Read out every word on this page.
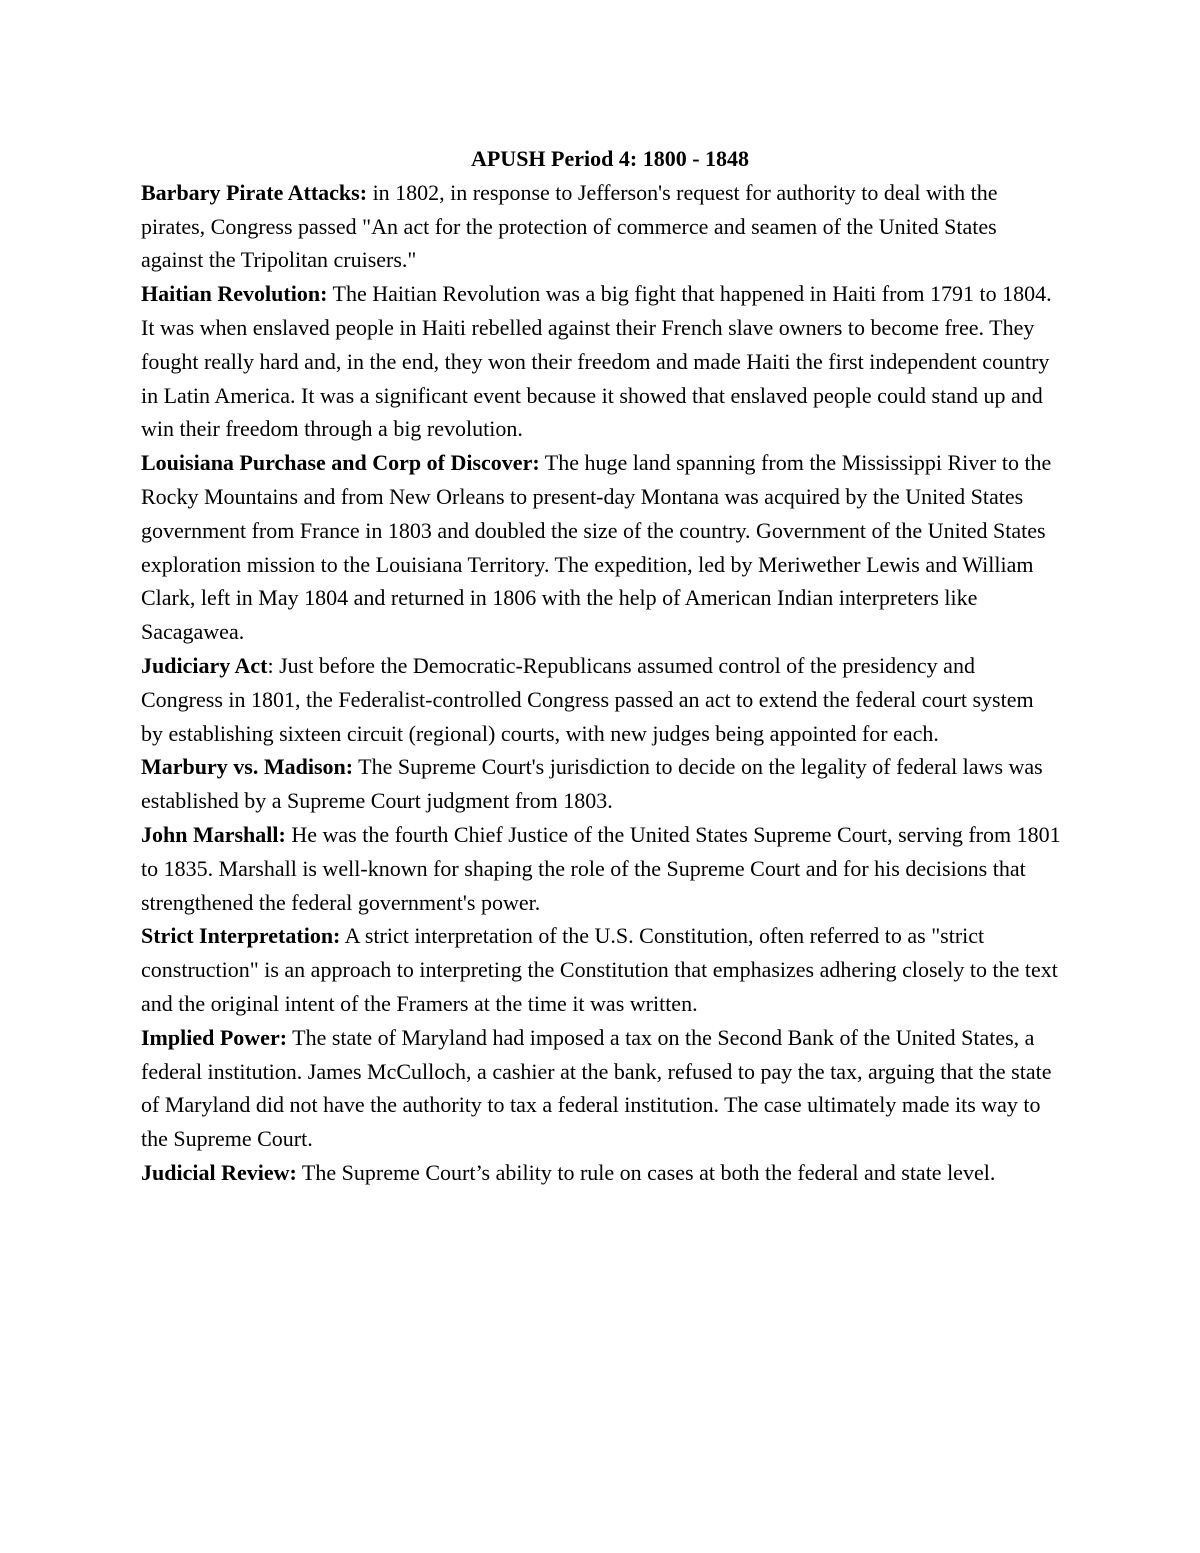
APUSH Period 4: 1800 - 1848

Barbary Pirate Attacks: in 1802, in response to Jefferson's request for authority to deal with the pirates, Congress passed "An act for the protection of commerce and seamen of the United States against the Tripolitan cruisers."

Haitian Revolution: The Haitian Revolution was a big fight that happened in Haiti from 1791 to 1804. It was when enslaved people in Haiti rebelled against their French slave owners to become free. They fought really hard and, in the end, they won their freedom and made Haiti the first independent country in Latin America. It was a significant event because it showed that enslaved people could stand up and win their freedom through a big revolution.

Louisiana Purchase and Corp of Discover: The huge land spanning from the Mississippi River to the Rocky Mountains and from New Orleans to present-day Montana was acquired by the United States government from France in 1803 and doubled the size of the country. Government of the United States exploration mission to the Louisiana Territory. The expedition, led by Meriwether Lewis and William Clark, left in May 1804 and returned in 1806 with the help of American Indian interpreters like Sacagawea.

Judiciary Act: Just before the Democratic-Republicans assumed control of the presidency and Congress in 1801, the Federalist-controlled Congress passed an act to extend the federal court system by establishing sixteen circuit (regional) courts, with new judges being appointed for each.

Marbury vs. Madison: The Supreme Court's jurisdiction to decide on the legality of federal laws was established by a Supreme Court judgment from 1803.

John Marshall: He was the fourth Chief Justice of the United States Supreme Court, serving from 1801 to 1835. Marshall is well-known for shaping the role of the Supreme Court and for his decisions that strengthened the federal government's power.

Strict Interpretation: A strict interpretation of the U.S. Constitution, often referred to as "strict construction" is an approach to interpreting the Constitution that emphasizes adhering closely to the text and the original intent of the Framers at the time it was written.

Implied Power: The state of Maryland had imposed a tax on the Second Bank of the United States, a federal institution. James McCulloch, a cashier at the bank, refused to pay the tax, arguing that the state of Maryland did not have the authority to tax a federal institution. The case ultimately made its way to the Supreme Court.

Judicial Review: The Supreme Court’s ability to rule on cases at both the federal and state level.
